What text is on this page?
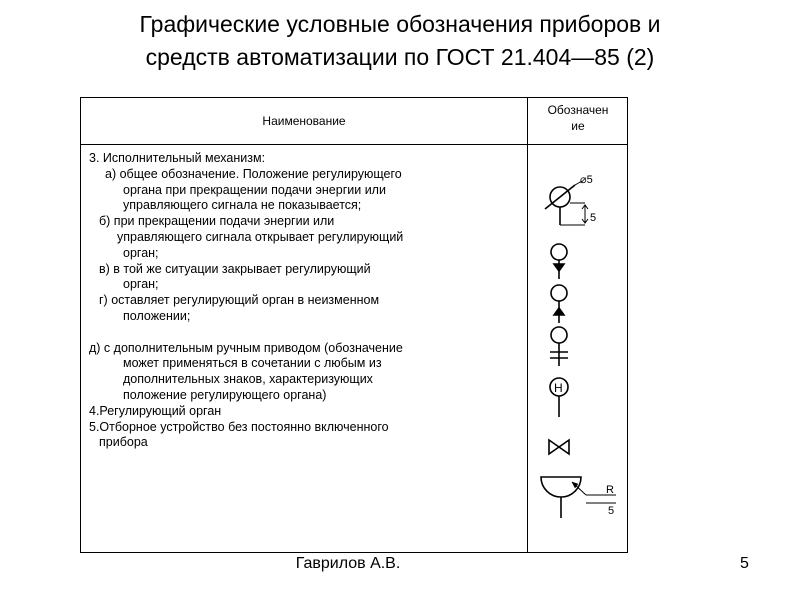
Графические условные обозначения приборов и
средств автоматизации по ГОСТ 21.404—85 (2)
Наименование
Обозначен
ие
3. Исполнительный механизм:
а) общее обозначение. Положение регулирующего
органа при прекращении подачи энергии или
управляющего сигнала не показывается;
б) при прекращении подачи энергии или
управляющего сигнала открывает регулирующий
орган;
в) в той же ситуации закрывает регулирующий
орган;
г) оставляет регулирующий орган в неизменном
положении;
д) с дополнительным ручным приводом (обозначение
может применяться в сочетании с любым из
дополнительных знаков, характеризующих
положение регулирующего органа)
4.Регулирующий орган
5.Отборное устройство без постоянно включенного
прибора
⌀5
5
H
R
5
Гаврилов А.В.	5
